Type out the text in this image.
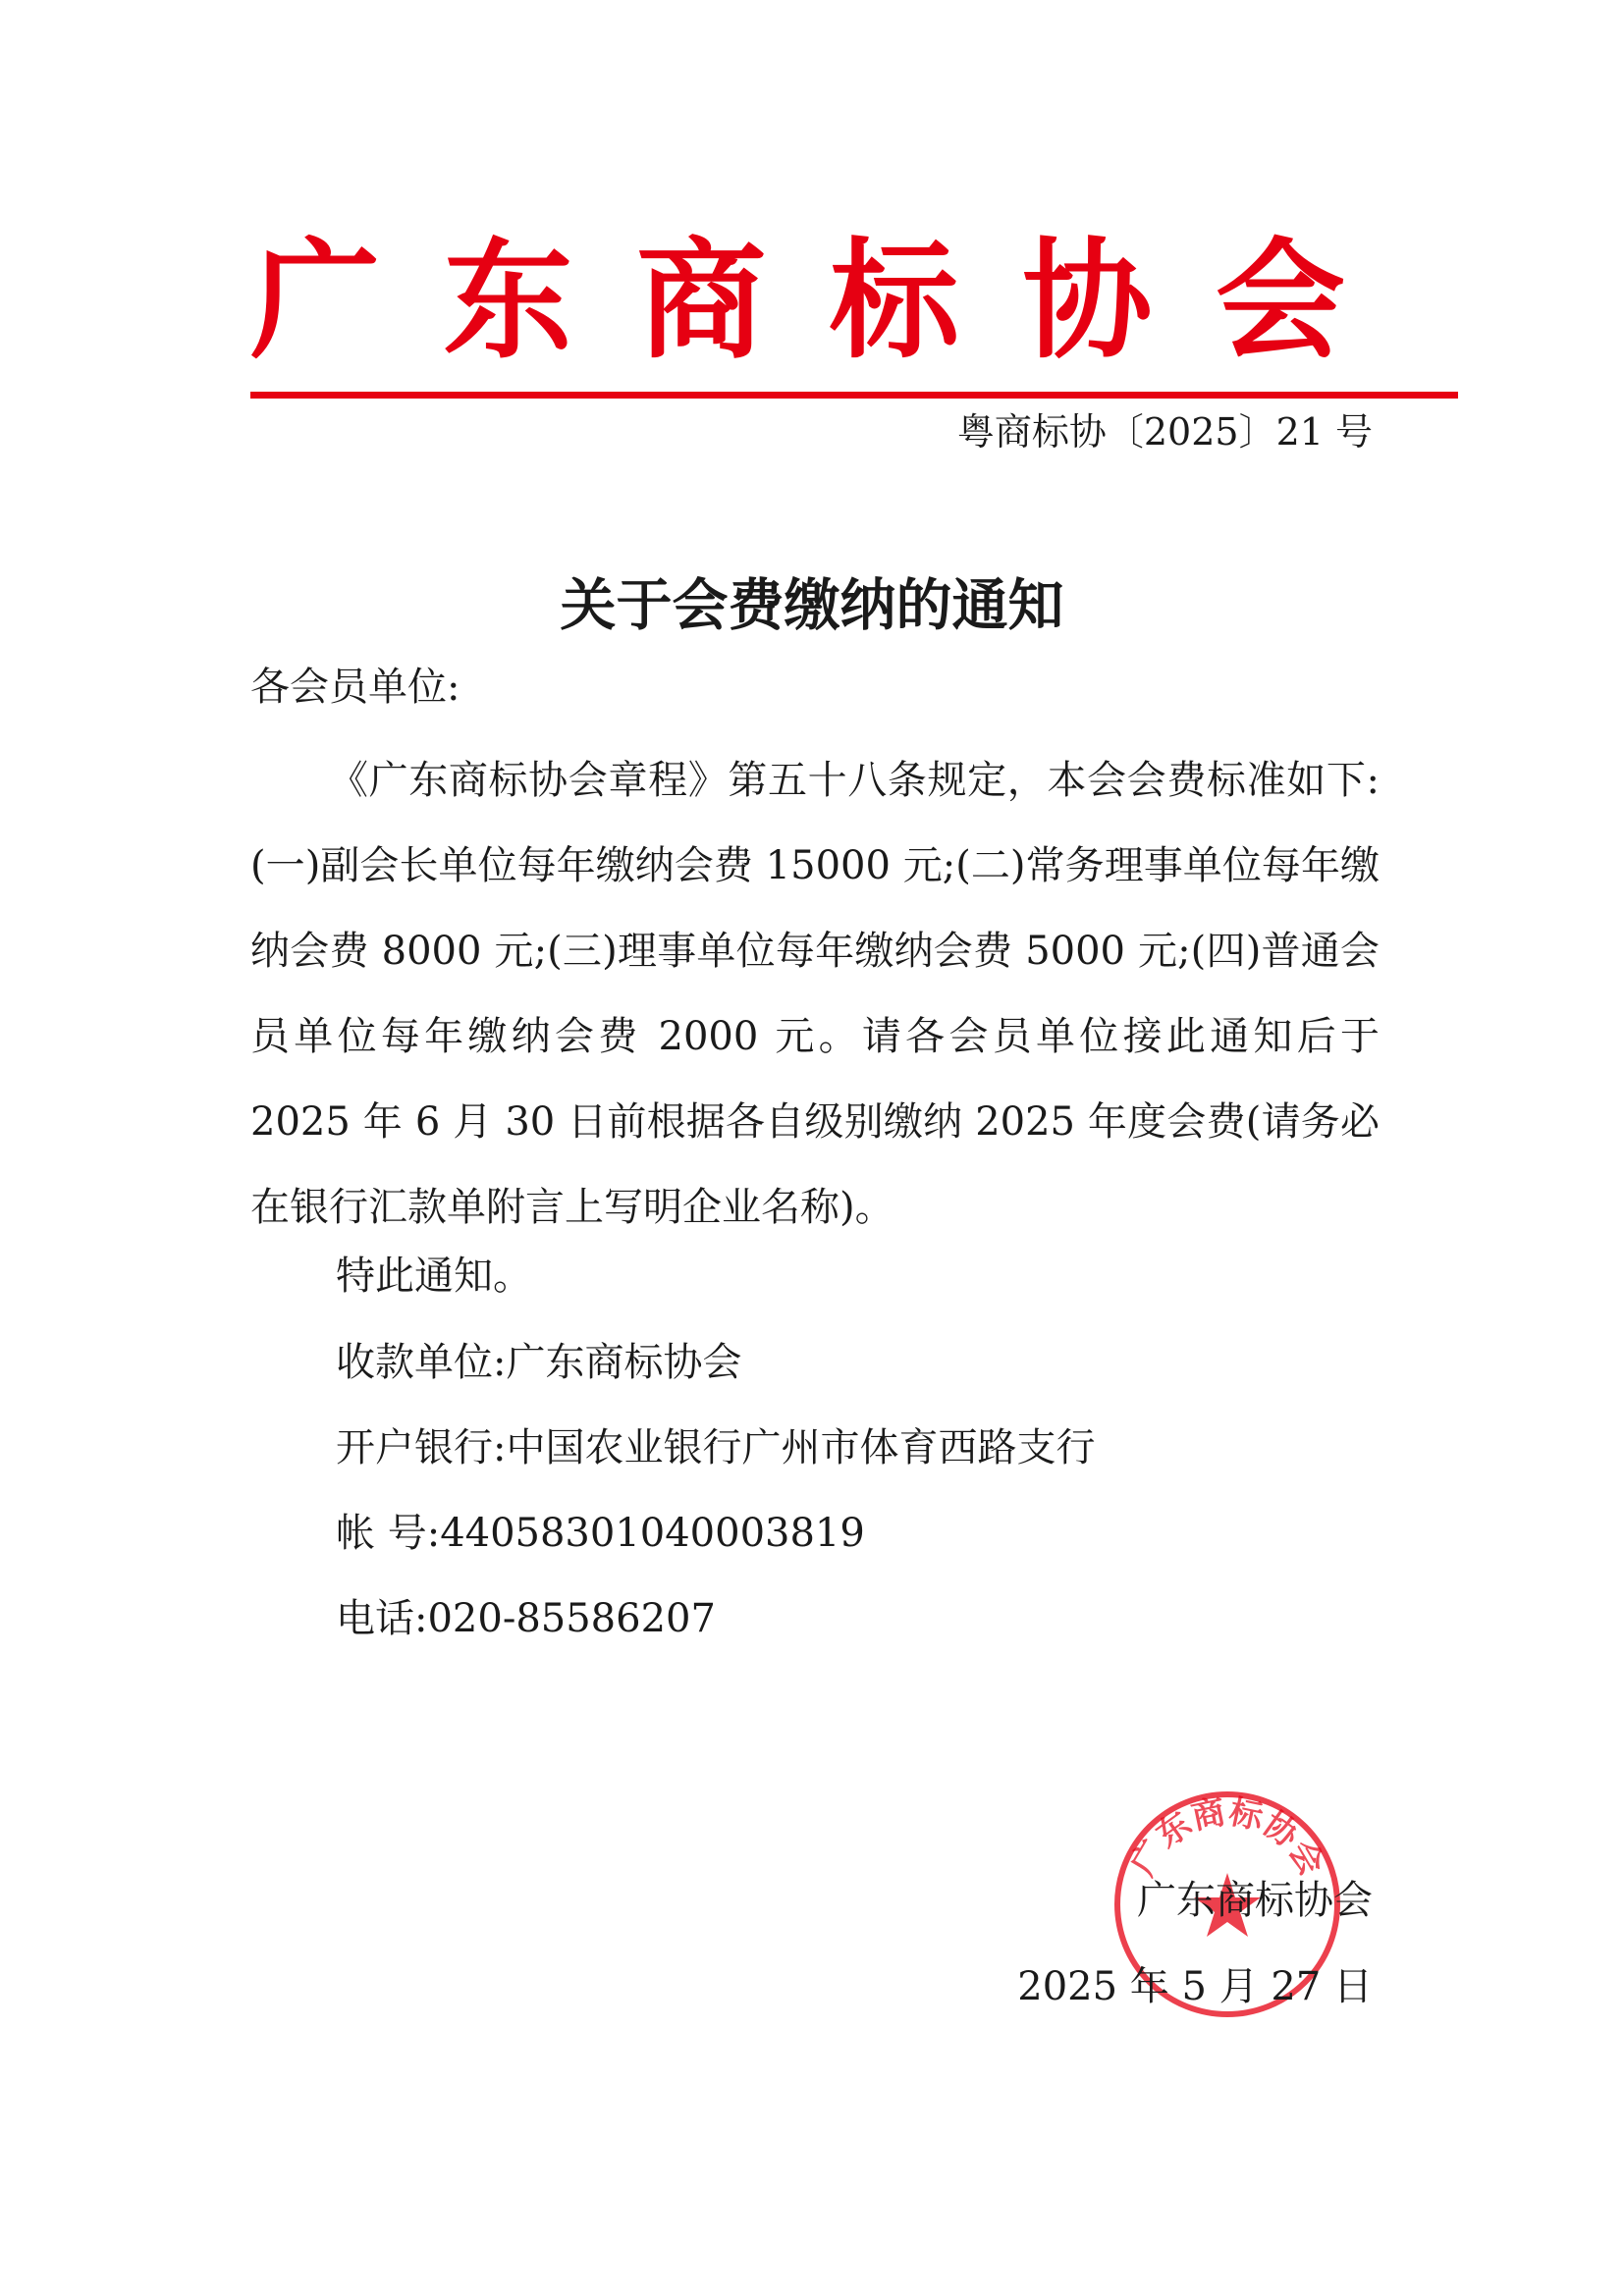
广 东 商 标 协 会
粤商标协〔2025〕21 号
关于会费缴纳的通知
各会员单位:
《广东商标协会章程》第五十八条规定，本会会费标准如下:(一)副会长单位每年缴纳会费 15000 元;(二)常务理事单位每年缴纳会费 8000 元;(三)理事单位每年缴纳会费 5000 元;(四)普通会员单位每年缴纳会费 2000 元。请各会员单位接此通知后于 2025 年 6 月 30 日前根据各自级别缴纳 2025 年度会费(请务必在银行汇款单附言上写明企业名称)。
特此通知。
收款单位:广东商标协会
开户银行:中国农业银行广州市体育西路支行
帐 号:44058301040003819
电话:020-85586207
广东商标协会
广东商标协会
2025 年 5 月 27 日
